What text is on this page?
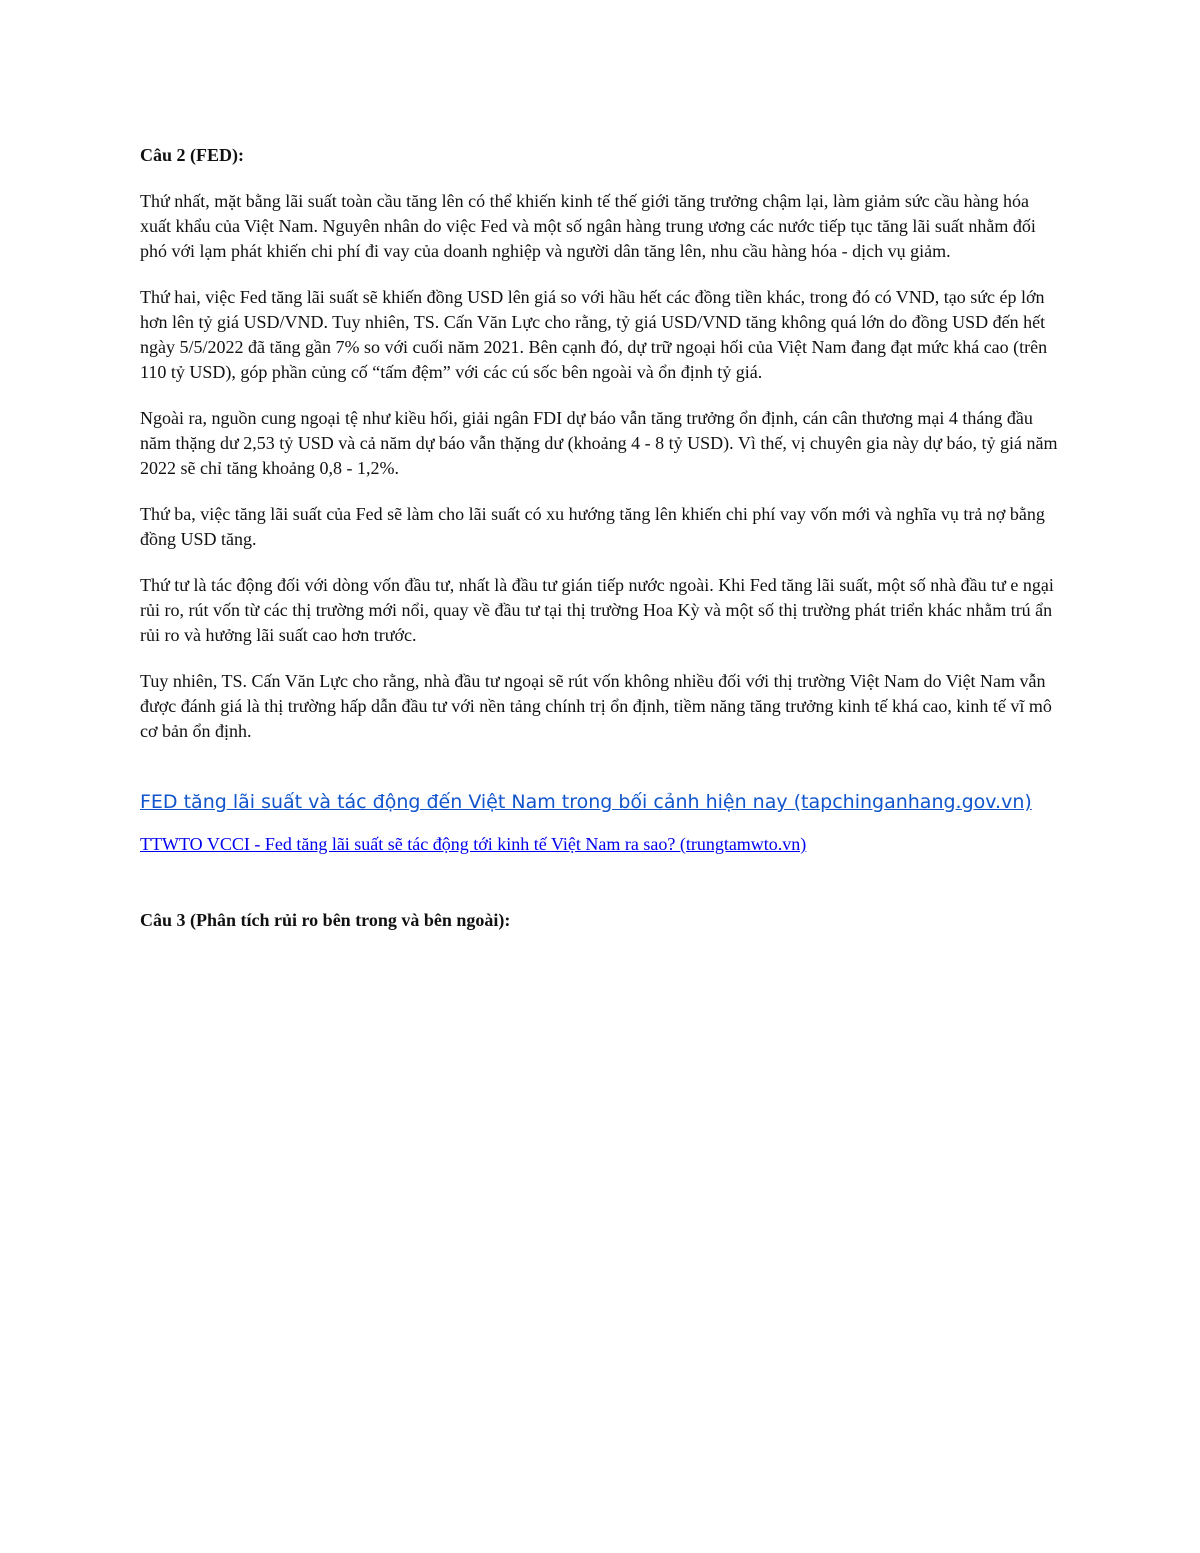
Câu 2 (FED):

Thứ nhất, mặt bằng lãi suất toàn cầu tăng lên có thể khiến kinh tế thế giới tăng trưởng chậm lại, làm giảm sức cầu hàng hóa xuất khẩu của Việt Nam. Nguyên nhân do việc Fed và một số ngân hàng trung ương các nước tiếp tục tăng lãi suất nhằm đối phó với lạm phát khiến chi phí đi vay của doanh nghiệp và người dân tăng lên, nhu cầu hàng hóa - dịch vụ giảm.

Thứ hai, việc Fed tăng lãi suất sẽ khiến đồng USD lên giá so với hầu hết các đồng tiền khác, trong đó có VND, tạo sức ép lớn hơn lên tỷ giá USD/VND. Tuy nhiên, TS. Cấn Văn Lực cho rằng, tỷ giá USD/VND tăng không quá lớn do đồng USD đến hết ngày 5/5/2022 đã tăng gần 7% so với cuối năm 2021. Bên cạnh đó, dự trữ ngoại hối của Việt Nam đang đạt mức khá cao (trên 110 tỷ USD), góp phần củng cố “tấm đệm” với các cú sốc bên ngoài và ổn định tỷ giá.

Ngoài ra, nguồn cung ngoại tệ như kiều hối, giải ngân FDI dự báo vẫn tăng trưởng ổn định, cán cân thương mại 4 tháng đầu năm thặng dư 2,53 tỷ USD và cả năm dự báo vẫn thặng dư (khoảng 4 - 8 tỷ USD). Vì thế, vị chuyên gia này dự báo, tỷ giá năm 2022 sẽ chỉ tăng khoảng 0,8 - 1,2%.

Thứ ba, việc tăng lãi suất của Fed sẽ làm cho lãi suất có xu hướng tăng lên khiến chi phí vay vốn mới và nghĩa vụ trả nợ bằng đồng USD tăng.

Thứ tư là tác động đối với dòng vốn đầu tư, nhất là đầu tư gián tiếp nước ngoài. Khi Fed tăng lãi suất, một số nhà đầu tư e ngại rủi ro, rút vốn từ các thị trường mới nổi, quay về đầu tư tại thị trường Hoa Kỳ và một số thị trường phát triển khác nhằm trú ẩn rủi ro và hưởng lãi suất cao hơn trước.

Tuy nhiên, TS. Cấn Văn Lực cho rằng, nhà đầu tư ngoại sẽ rút vốn không nhiều đối với thị trường Việt Nam do Việt Nam vẫn được đánh giá là thị trường hấp dẫn đầu tư với nền tảng chính trị ổn định, tiềm năng tăng trưởng kinh tế khá cao, kinh tế vĩ mô cơ bản ổn định.

FED tăng lãi suất và tác động đến Việt Nam trong bối cảnh hiện nay (tapchinganhang.gov.vn)
TTWTO VCCI - Fed tăng lãi suất sẽ tác động tới kinh tế Việt Nam ra sao? (trungtamwto.vn)
Câu 3 (Phân tích rủi ro bên trong và bên ngoài):
